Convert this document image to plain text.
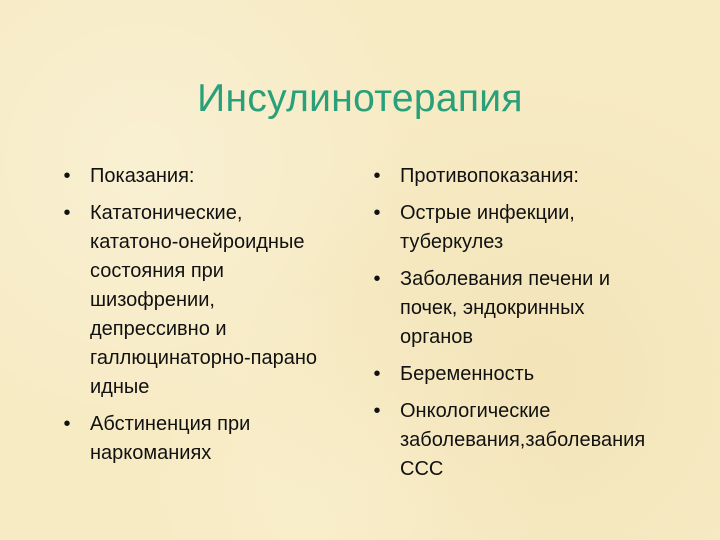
Инсулинотерапия
• Показания:
• Кататонические,
кататоно-онейроидные
состояния при
шизофрении,
депрессивно и
галлюцинаторно-парано
идные
• Абстиненция при
наркоманиях
• Противопоказания:
• Острые инфекции,
туберкулез
• Заболевания печени и
почек, эндокринных
органов
• Беременность
• Онкологические
заболевания,заболевания
ССС
